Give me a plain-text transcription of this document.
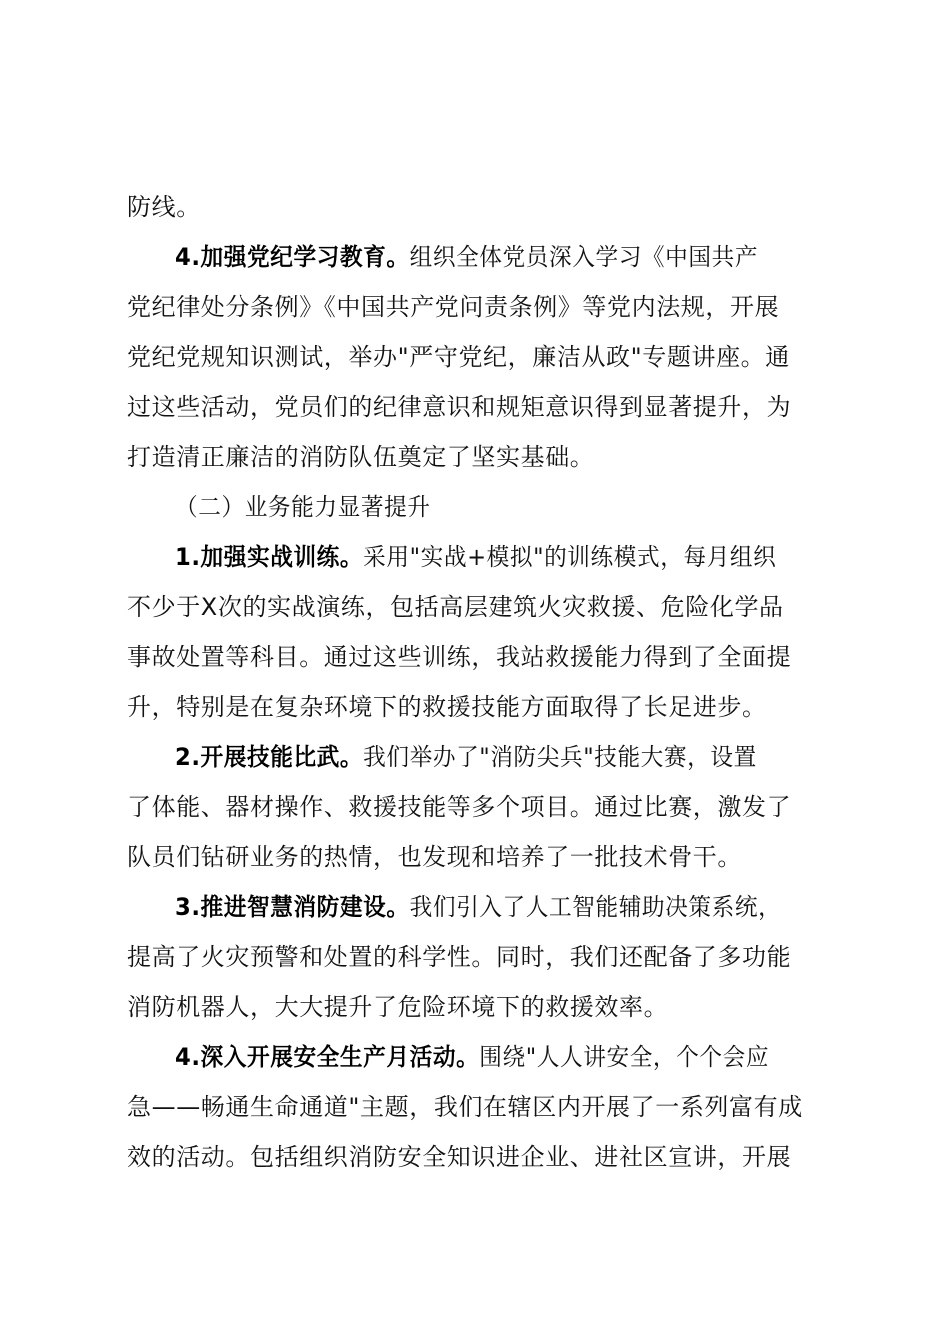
防线。
4.加强党纪学习教育。组织全体党员深入学习《中国共产
党纪律处分条例》《中国共产党问责条例》等党内法规，开展
党纪党规知识测试，举办"严守党纪，廉洁从政"专题讲座。通
过这些活动，党员们的纪律意识和规矩意识得到显著提升，为
打造清正廉洁的消防队伍奠定了坚实基础。
（二）业务能力显著提升
1.加强实战训练。采用"实战+模拟"的训练模式，每月组织
不少于X次的实战演练，包括高层建筑火灾救援、危险化学品
事故处置等科目。通过这些训练，我站救援能力得到了全面提
升，特别是在复杂环境下的救援技能方面取得了长足进步。
2.开展技能比武。我们举办了"消防尖兵"技能大赛，设置
了体能、器材操作、救援技能等多个项目。通过比赛，激发了
队员们钻研业务的热情，也发现和培养了一批技术骨干。
3.推进智慧消防建设。我们引入了人工智能辅助决策系统，
提高了火灾预警和处置的科学性。同时，我们还配备了多功能
消防机器人，大大提升了危险环境下的救援效率。
4.深入开展安全生产月活动。围绕"人人讲安全，个个会应
急——畅通生命通道"主题，我们在辖区内开展了一系列富有成
效的活动。包括组织消防安全知识进企业、进社区宣讲，开展
